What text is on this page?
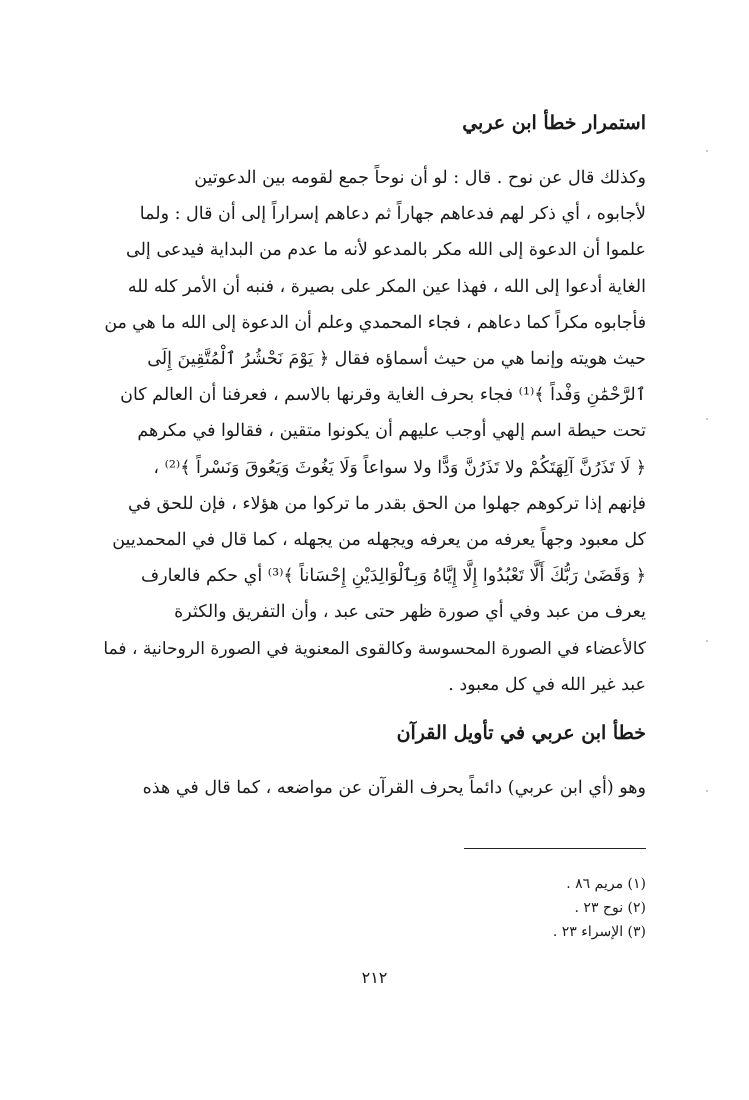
استمرار خطأ ابن عربي
وكذلك قال عن نوح . قال : لو أن نوحاً جمع لقومه بين الدعوتين
لأجابوه ، أي ذكر لهم فدعاهم جهاراً ثم دعاهم إسراراً إلى أن قال : ولما
علموا أن الدعوة إلى الله مكر بالمدعو لأنه ما عدم من البداية فيدعى إلى
الغاية أدعوا إلى الله ، فهذا عين المكر على بصيرة ، فنبه أن الأمر كله لله
فأجابوه مكراً كما دعاهم ، فجاء المحمدي وعلم أن الدعوة إلى الله ما هي من
حيث هويته وإنما هي من حيث أسماؤه فقال ﴿ يَوْمَ نَحْشُرُ ٱلْمُتَّقِينَ إِلَى
ٱلرَّحْمَٰنِ وَفْداً ﴾⁽¹⁾ فجاء بحرف الغاية وقرنها بالاسم ، فعرفنا أن العالم كان
تحت حيطة اسم إلهي أوجب عليهم أن يكونوا متقين ، فقالوا في مكرهم
﴿ لَا تَذَرُنَّ آلِهَتَكُمْ ولا تَذَرُنَّ وَدًّا ولا سواعاً وَلَا يَغُوثَ وَيَعُوقَ وَنَسْراً ﴾⁽²⁾ ،
فإنهم إذا تركوهم جهلوا من الحق بقدر ما تركوا من هؤلاء ، فإن للحق في
كل معبود وجهاً يعرفه من يعرفه ويجهله من يجهله ، كما قال في المحمديين
﴿ وَقَضَىٰ رَبُّكَ أَلَّا تَعْبُدُوا إِلَّا إِيَّاهُ وَبِٱلْوَالِدَيْنِ إِحْسَاناً ﴾⁽³⁾ أي حكم فالعارف
يعرف من عبد وفي أي صورة ظهر حتى عبد ، وأن التفريق والكثرة
كالأعضاء في الصورة المحسوسة وكالقوى المعنوية في الصورة الروحانية ، فما
عبد غير الله في كل معبود .
خطأ ابن عربي في تأويل القرآن
وهو (أي ابن عربي) دائماً يحرف القرآن عن مواضعه ، كما قال في هذه
(١) مريم ٨٦ .
(٢) نوح ٢٣ .
(٣) الإسراء ٢٣ .
٢١٢
